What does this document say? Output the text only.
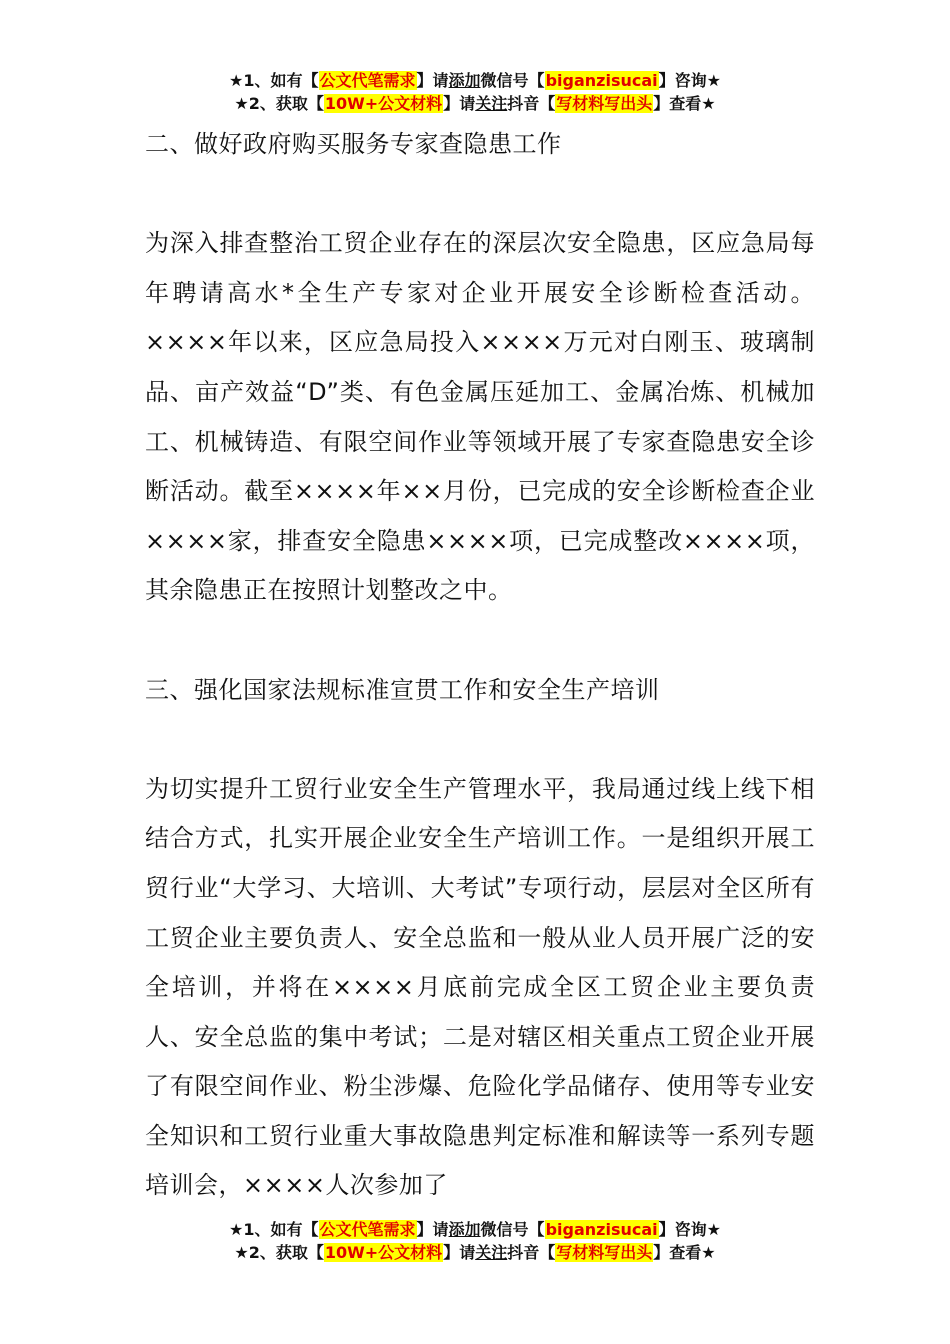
★1、如有【公文代笔需求】请添加微信号【biganzisucai】咨询★
★2、获取【10W+公文材料】请关注抖音【写材料写出头】查看★

二、做好政府购买服务专家查隐患工作

为深入排查整治工贸企业存在的深层次安全隐患，区应急局每年聘请高水*全生产专家对企业开展安全诊断检查活动。××××年以来，区应急局投入××××万元对白刚玉、玻璃制品、亩产效益“D”类、有色金属压延加工、金属冶炼、机械加工、机械铸造、有限空间作业等领域开展了专家查隐患安全诊断活动。截至××××年××月份，已完成的安全诊断检查企业××××家，排查安全隐患××××项，已完成整改××××项，其余隐患正在按照计划整改之中。

三、强化国家法规标准宣贯工作和安全生产培训

为切实提升工贸行业安全生产管理水平，我局通过线上线下相结合方式，扎实开展企业安全生产培训工作。一是组织开展工贸行业“大学习、大培训、大考试”专项行动，层层对全区所有工贸企业主要负责人、安全总监和一般从业人员开展广泛的安全培训，并将在××××月底前完成全区工贸企业主要负责人、安全总监的集中考试；二是对辖区相关重点工贸企业开展了有限空间作业、粉尘涉爆、危险化学品储存、使用等专业安全知识和工贸行业重大事故隐患判定标准和解读等一系列专题培训会，××××人次参加了

★1、如有【公文代笔需求】请添加微信号【biganzisucai】咨询★
★2、获取【10W+公文材料】请关注抖音【写材料写出头】查看★
